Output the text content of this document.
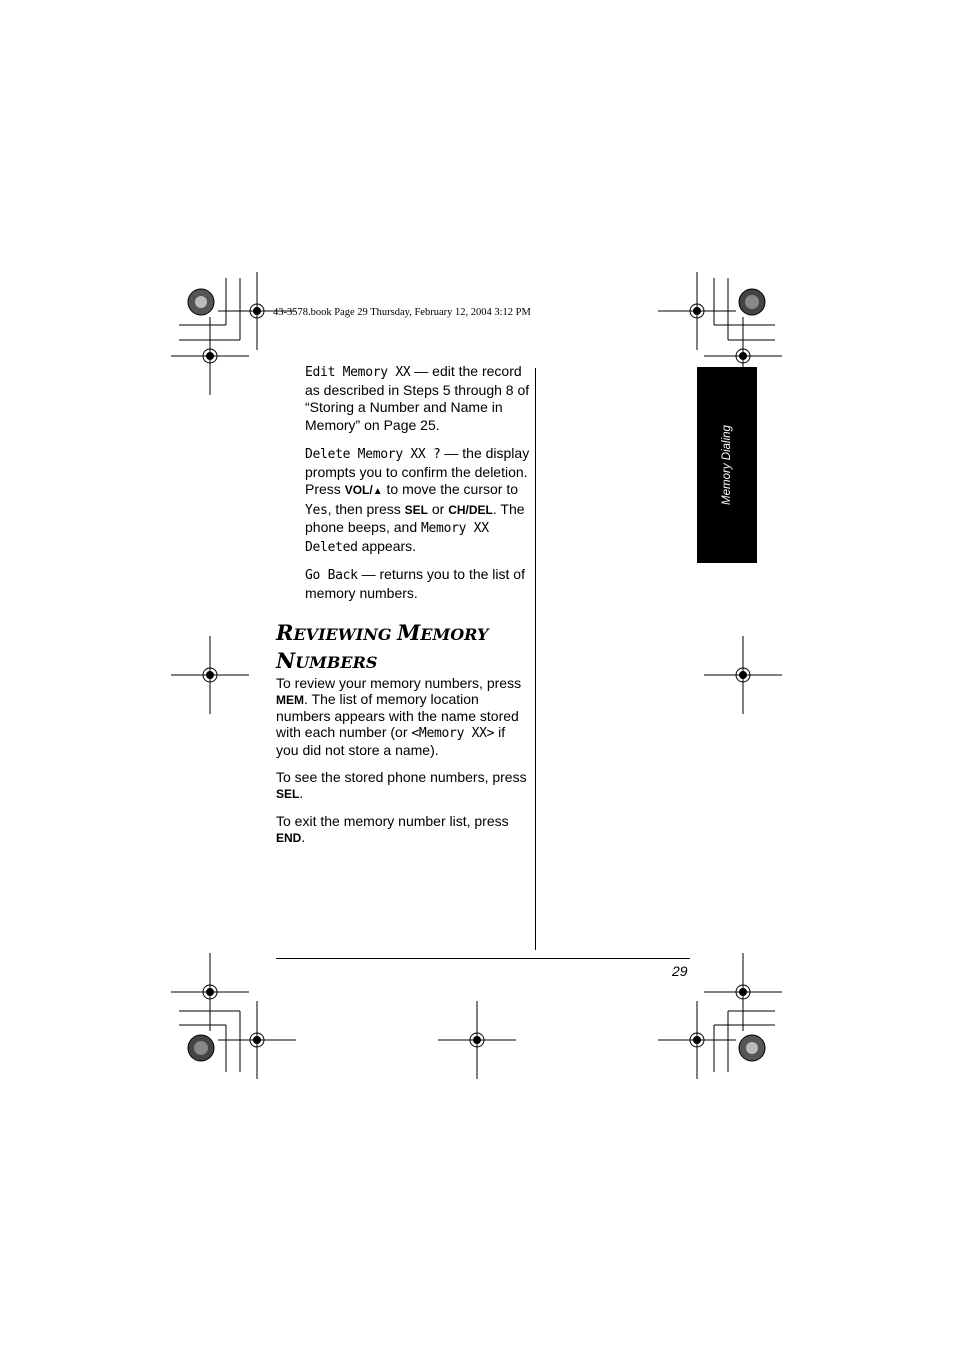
43-3578.book Page 29 Thursday, February 12, 2004 3:12 PM
Memory Dialing

Edit Memory XX — edit the record as described in Steps 5 through 8 of “Storing a Number and Name in Memory” on Page 25.

Delete Memory XX ? — the display prompts you to confirm the deletion. Press VOL/▲ to move the cursor to Yes, then press SEL or CH/DEL. The phone beeps, and Memory XX Deleted appears.

Go Back — returns you to the list of memory numbers.

REVIEWING MEMORY
NUMBERS

To review your memory numbers, press MEM. The list of memory location numbers appears with the name stored with each number (or <Memory XX> if you did not store a name).

To see the stored phone numbers, press SEL.

To exit the memory number list, press END.

29
